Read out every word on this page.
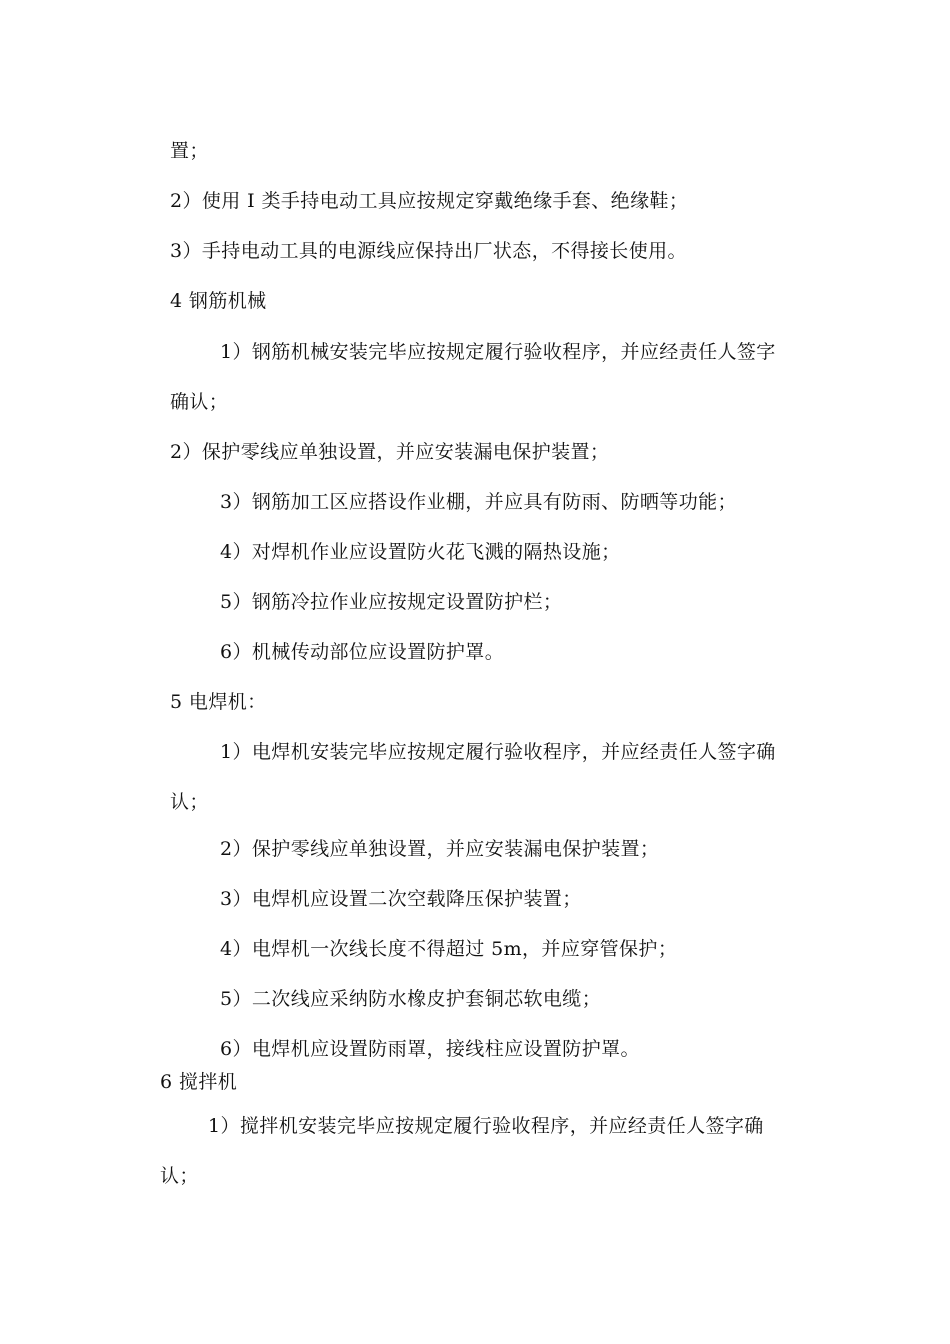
置；
2）使用 I 类手持电动工具应按规定穿戴绝缘手套、绝缘鞋；
3）手持电动工具的电源线应保持出厂状态，不得接长使用。
4 钢筋机械
1）钢筋机械安装完毕应按规定履行验收程序，并应经责任人签字
确认；
2）保护零线应单独设置，并应安装漏电保护装置；
3）钢筋加工区应搭设作业棚，并应具有防雨、防晒等功能；
4）对焊机作业应设置防火花飞溅的隔热设施；
5）钢筋冷拉作业应按规定设置防护栏；
6）机械传动部位应设置防护罩。
5 电焊机：
1）电焊机安装完毕应按规定履行验收程序，并应经责任人签字确
认；
2）保护零线应单独设置，并应安装漏电保护装置；
3）电焊机应设置二次空载降压保护装置；
4）电焊机一次线长度不得超过 5m，并应穿管保护；
5）二次线应采纳防水橡皮护套铜芯软电缆；
6）电焊机应设置防雨罩，接线柱应设置防护罩。
6 搅拌机
1）搅拌机安装完毕应按规定履行验收程序，并应经责任人签字确
认；
